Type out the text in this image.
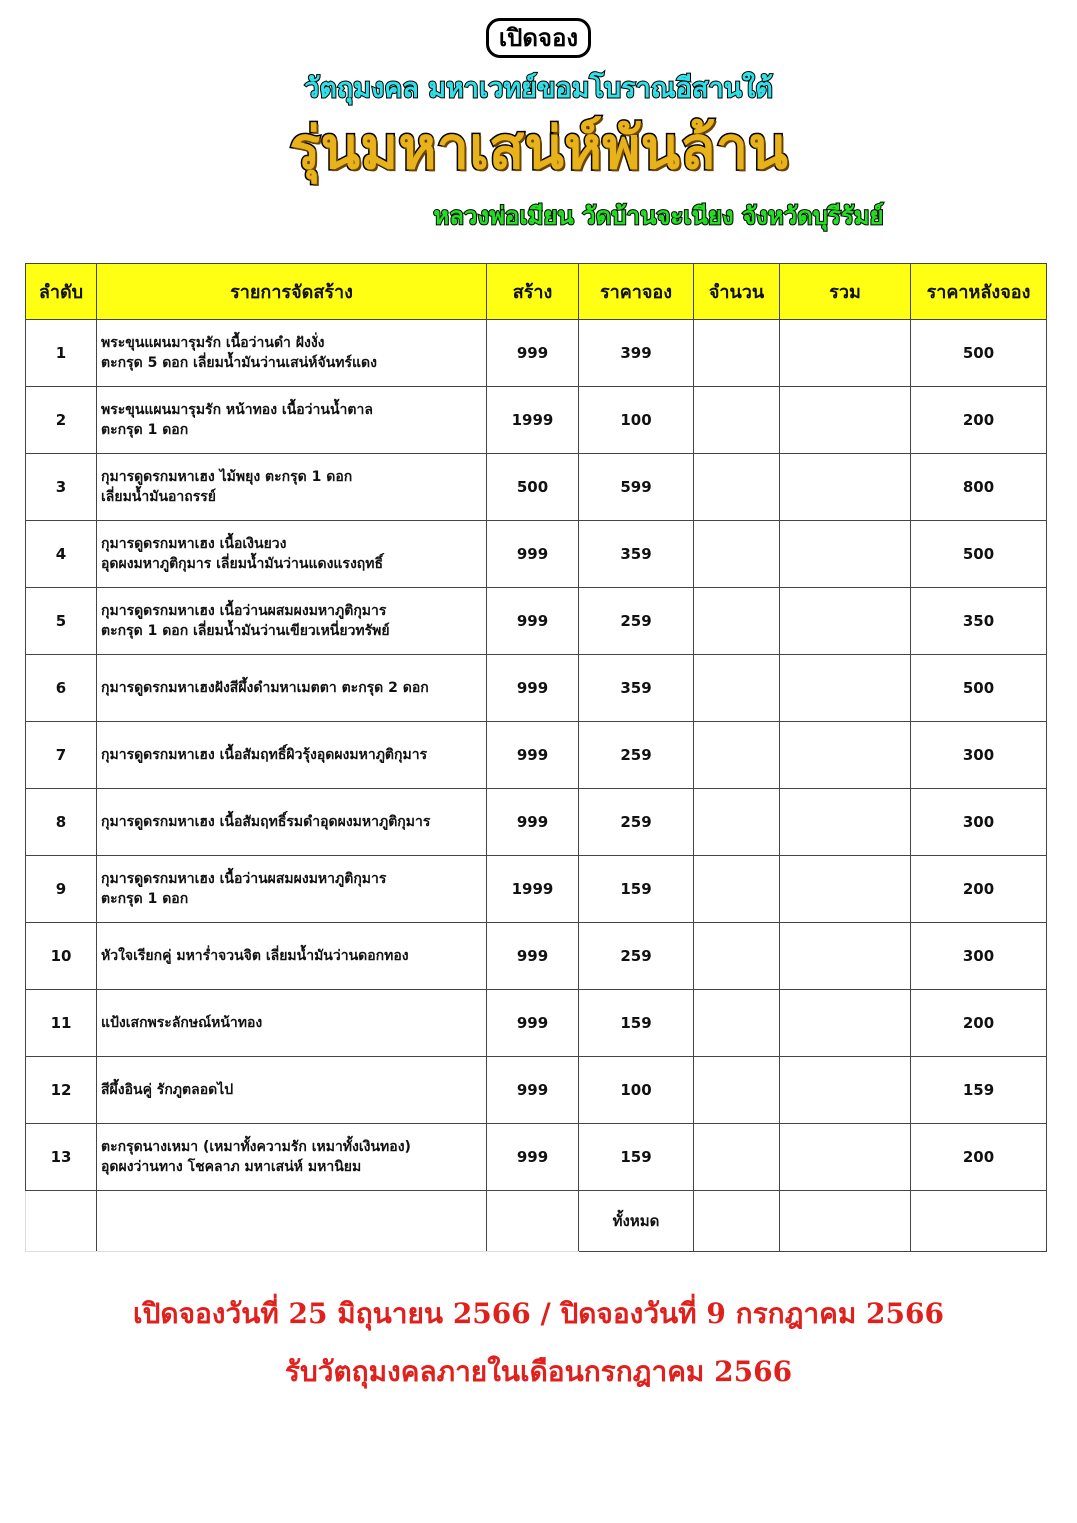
เปิดจอง
วัตถุมงคล มหาเวทย์ขอมโบราณอีสานใต้
รุ่นมหาเสน่ห์พันล้าน
หลวงพ่อเมียน วัดบ้านจะเนียง จังหวัดบุรีรัมย์
ลำดับ	รายการจัดสร้าง	สร้าง	ราคาจอง	จำนวน	รวม	ราคาหลังจอง
1	พระขุนแผนมารุมรัก เนื้อว่านดำ ฝังงั่ง
ตะกรุด 5 ดอก เลี่ยมน้ำมันว่านเสน่ห์จันทร์แดง	999	399			500
2	พระขุนแผนมารุมรัก หน้าทอง เนื้อว่านน้ำตาล
ตะกรุด 1 ดอก	1999	100			200
3	กุมารดูดรกมหาเฮง ไม้พยุง ตะกรุด 1 ดอก
เลี่ยมน้ำมันอาถรรย์	500	599			800
4	กุมารดูดรกมหาเฮง เนื้อเงินยวง
อุดผงมหาภูติกุมาร เลี่ยมน้ำมันว่านแดงแรงฤทธิ์	999	359			500
5	กุมารดูดรกมหาเฮง เนื้อว่านผสมผงมหาภูติกุมาร
ตะกรุด 1 ดอก เลี่ยมน้ำมันว่านเขียวเหนี่ยวทรัพย์	999	259			350
6	กุมารดูดรกมหาเฮงฝังสีผึ้งดำมหาเมตตา ตะกรุด 2 ดอก	999	359			500
7	กุมารดูดรกมหาเฮง เนื้อสัมฤทธิ์ผิวรุ้งอุดผงมหาภูติกุมาร	999	259			300
8	กุมารดูดรกมหาเฮง เนื้อสัมฤทธิ์รมดำอุดผงมหาภูติกุมาร	999	259			300
9	กุมารดูดรกมหาเฮง เนื้อว่านผสมผงมหาภูติกุมาร
ตะกรุด 1 ดอก	1999	159			200
10	หัวใจเรียกคู่ มหาร่ำจวนจิต เลี่ยมน้ำมันว่านดอกทอง	999	259			300
11	แป้งเสกพระลักษณ์หน้าทอง	999	159			200
12	สีผึ้งอินคู่ รักภูตลอดไป	999	100			159
13	ตะกรุดนางเหมา (เหมาทั้งความรัก เหมาทั้งเงินทอง)
อุดผงว่านทาง โชคลาภ มหาเสน่ห์ มหานิยม	999	159			200
			ทั้งหมด			
เปิดจองวันที่ 25 มิถุนายน 2566 / ปิดจองวันที่ 9 กรกฎาคม 2566
รับวัตถุมงคลภายในเดือนกรกฎาคม 2566
